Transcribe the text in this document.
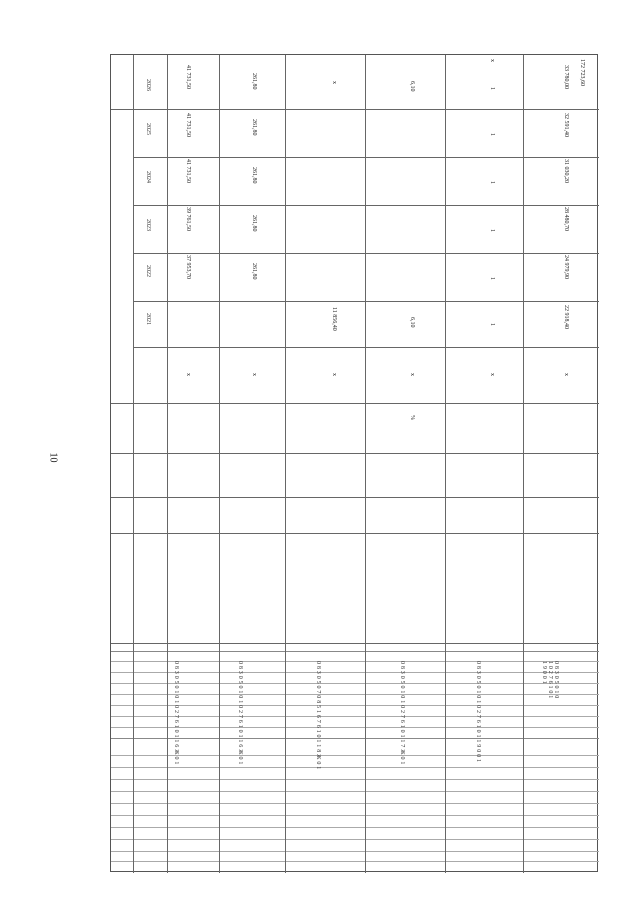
10
2021
2022
2023
2024
2025
2026
0 8 3 0 5 0 1 0 1 0 2 7 6 1 0 1 1 6 Ж 0 1
x
37 953,70
39 761,50
41 731,50
41 731,50
41 731,50
0 8 3 0 5 0 1 0 1 0 2 7 6 1 0 1 1 6 Ж 0 1
x
261,80
261,80
261,80
261,80
261,80
0 8 3 0 5 0 7 0 8 5 1 6 7 6 1 0 1 1 8 Ж 0 1
x
11 856,40
x
0 8 3 0 5 0 1 0 1 0 2 7 6 1 0 1 1 7 Ж 0 1
%
x
6,10
6,10
0 8 3 0 5 0 1 0 1 0 2 7 6 1 0 1 1 9 0 0 1
x
1
1
1
1
1
1
x
0 8 3 0 5 0 1 0 1 0 2 7 6 1 0 1 1 9 0 0 1
x
22 918,40
24 979,90
28 480,70
31 030,20
32 591,40
33 780,00 172 723,60
